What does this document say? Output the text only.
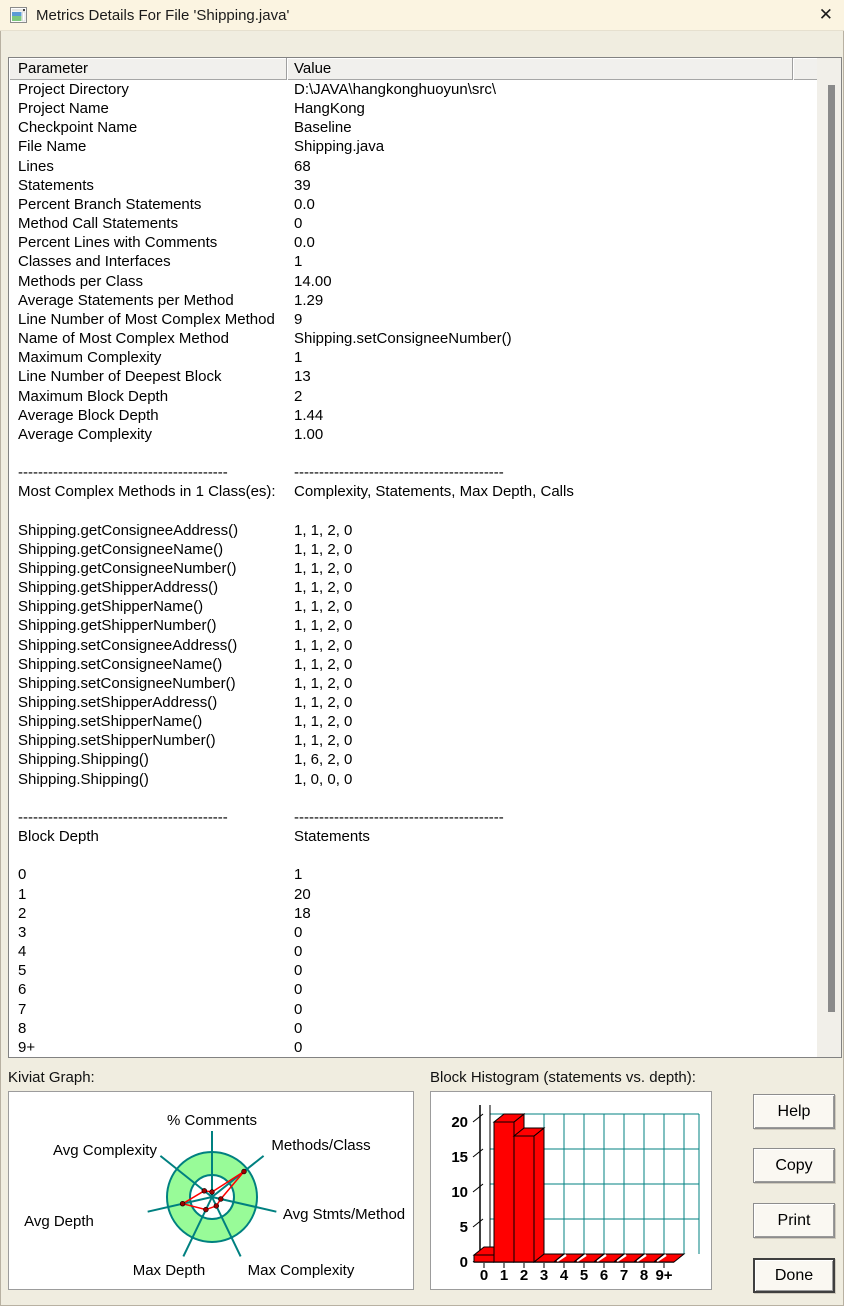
Metrics Details For File 'Shipping.java'	✕
Parameter	Value
Project Directory	D:\JAVA\hangkonghuoyun\src\
Project Name	HangKong
Checkpoint Name	Baseline
File Name	Shipping.java
Lines	68
Statements	39
Percent Branch Statements	0.0
Method Call Statements	0
Percent Lines with Comments	0.0
Classes and Interfaces	1
Methods per Class	14.00
Average Statements per Method	1.29
Line Number of Most Complex Method	9
Name of Most Complex Method	Shipping.setConsigneeNumber()
Maximum Complexity	1
Line Number of Deepest Block	13
Maximum Block Depth	2
Average Block Depth	1.44
Average Complexity	1.00
------------------------------------------	------------------------------------------
Most Complex Methods in 1 Class(es):	Complexity, Statements, Max Depth, Calls
Shipping.getConsigneeAddress()	1, 1, 2, 0
Shipping.getConsigneeName()	1, 1, 2, 0
Shipping.getConsigneeNumber()	1, 1, 2, 0
Shipping.getShipperAddress()	1, 1, 2, 0
Shipping.getShipperName()	1, 1, 2, 0
Shipping.getShipperNumber()	1, 1, 2, 0
Shipping.setConsigneeAddress()	1, 1, 2, 0
Shipping.setConsigneeName()	1, 1, 2, 0
Shipping.setConsigneeNumber()	1, 1, 2, 0
Shipping.setShipperAddress()	1, 1, 2, 0
Shipping.setShipperName()	1, 1, 2, 0
Shipping.setShipperNumber()	1, 1, 2, 0
Shipping.Shipping()	1, 6, 2, 0
Shipping.Shipping()	1, 0, 0, 0
------------------------------------------	------------------------------------------
Block Depth	Statements
0	1
1	20
2	18
3	0
4	0
5	0
6	0
7	0
8	0
9+	0
Kiviat Graph:	Block Histogram (statements vs. depth):
% Comments
Methods/Class
Avg Stmts/Method
Max Complexity
Max Depth
Avg Depth
Avg Complexity
0
5
10
15
20
0 1 2 3 4 5 6 7 8 9+
Help
Copy
Print
Done
